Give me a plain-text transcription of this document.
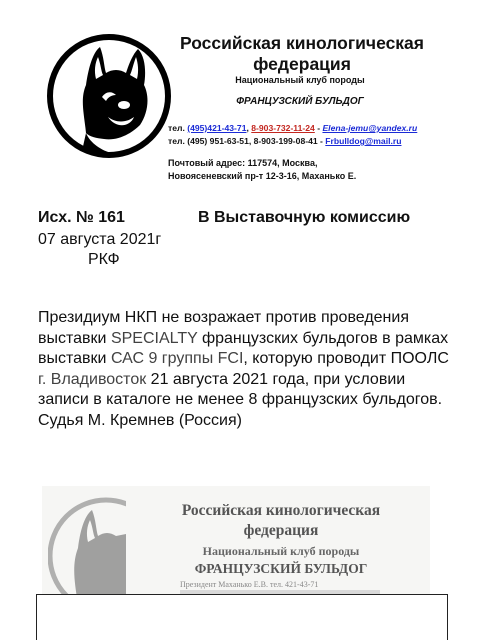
Российская кинологическая
федерация
Национальный клуб породы
ФРАНЦУЗСКИЙ БУЛЬДОГ
тел. (495)421-43-71, 8-903-732-11-24 - Elena-jemu@yandex.ru
тел. (495) 951-63-51, 8-903-199-08-41 - Frbulldog@mail.ru
Почтовый адрес: 117574, Москва,
Новоясеневский пр-т 12-3-16, Маханько Е.
Исх. № 161
07 августа 2021г
РКФ
В Выставочную комиссию
Президиум НКП не возражает против проведения выставки SPECIALTY французских бульдогов в рамках выставки САС 9 группы FCI, которую проводит ПООЛС г. Владивосток 21 августа 2021 года, при условии записи в каталоге не менее 8 французских бульдогов.
Судья М. Кремнев (Россия)
Российская кинологическая
федерация
Национальный клуб породы
ФРАНЦУЗСКИЙ БУЛЬДОГ
Президент Маханько Е.В. тел. 421-43-71
